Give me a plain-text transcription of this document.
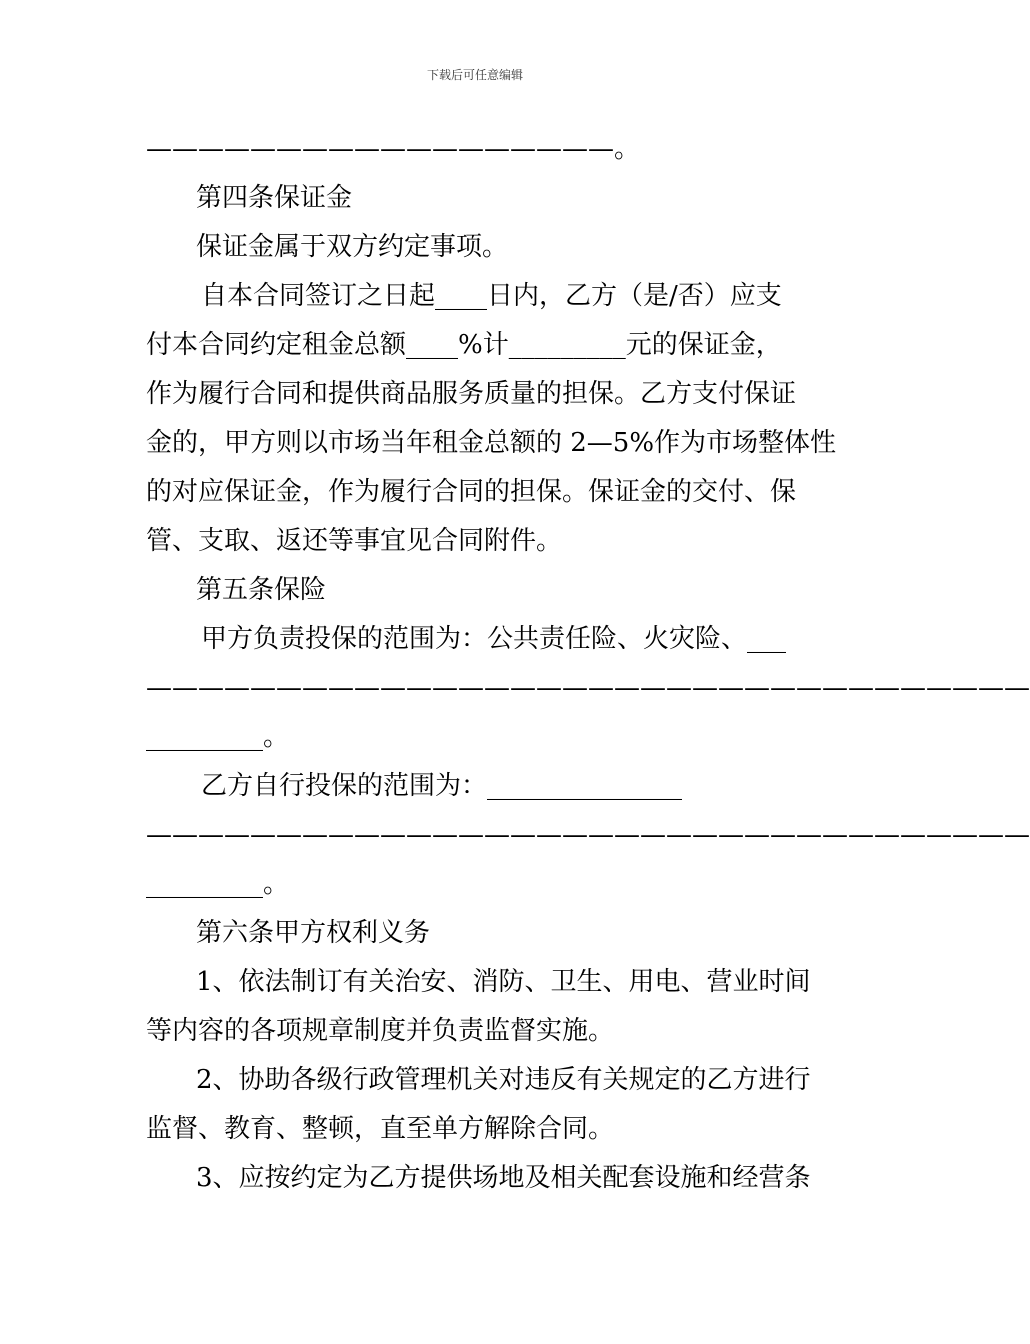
下载后可任意编辑
——————————————————。
第四条保证金
保证金属于双方约定事项。
自本合同签订之日起____日内，乙方（是/否）应支
付本合同约定租金总额____%计_________元的保证金，
作为履行合同和提供商品服务质量的担保。乙方支付保证
金的，甲方则以市场当年租金总额的 2—5%作为市场整体性
的对应保证金，作为履行合同的担保。保证金的交付、保
管、支取、返还等事宜见合同附件。
第五条保险
甲方负责投保的范围为：公共责任险、火灾险、___
——————————————————————————————————
_________。
乙方自行投保的范围为：_______________
——————————————————————————————————
_________。
第六条甲方权利义务
1、依法制订有关治安、消防、卫生、用电、营业时间
等内容的各项规章制度并负责监督实施。
2、协助各级行政管理机关对违反有关规定的乙方进行
监督、教育、整顿，直至单方解除合同。
3、应按约定为乙方提供场地及相关配套设施和经营条
